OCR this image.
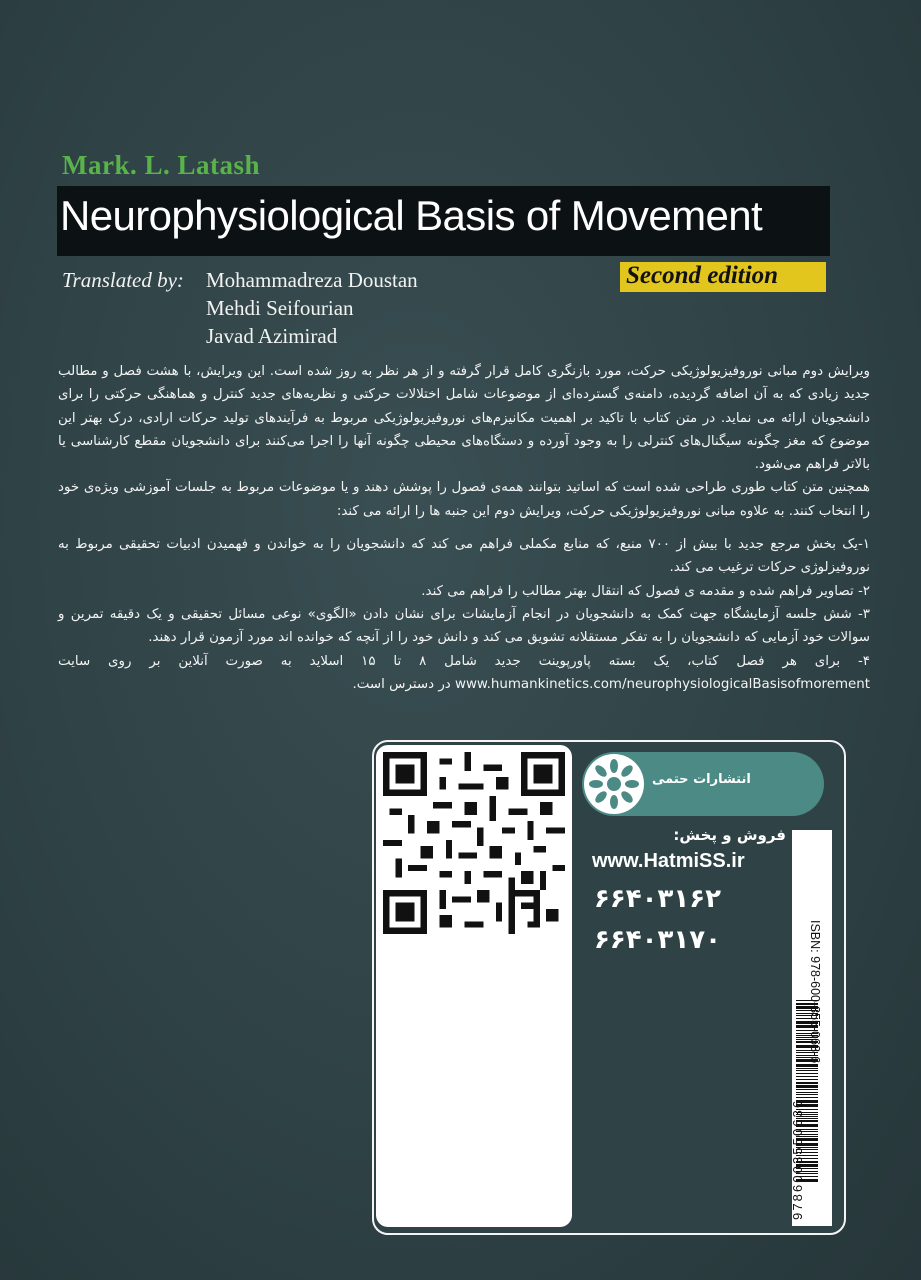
Mark. L. Latash
Neurophysiological Basis of Movement
Second edition
Translated by: Mohammadreza Doustan
Mehdi Seifourian
Javad Azimirad

ویرایش دوم مبانی نوروفیزیولوژیکی حرکت، مورد بازنگری کامل قرار گرفته و از هر نظر به روز شده است. این ویرایش، با هشت فصل و مطالب جدید زیادی که به آن اضافه گردیده، دامنه‌ی گسترده‌ای از موضوعات شامل اختلالات حرکتی و نظریه‌های جدید کنترل و هماهنگی حرکتی را برای دانشجویان ارائه می نماید. در متن کتاب با تاکید بر اهمیت مکانیزم‌های نوروفیزیولوژیکی مربوط به فرآیندهای تولید حرکات ارادی، درک بهتر این موضوع که مغز چگونه سیگنال‌های کنترلی را به وجود آورده و دستگاه‌های محیطی چگونه آنها را اجرا می‌کنند برای دانشجویان مقطع کارشناسی یا بالاتر فراهم می‌شود.

همچنین متن کتاب طوری طراحی شده است که اساتید بتوانند همه‌ی فصول را پوشش دهند و یا موضوعات مربوط به جلسات آموزشی ویژه‌ی خود را انتخاب کنند. به علاوه مبانی نوروفیزیولوژیکی حرکت، ویرایش دوم این جنبه ها را ارائه می کند:

۱-یک بخش مرجع جدید با بیش از ۷۰۰ منبع، که منابع مکملی فراهم می کند که دانشجویان را به خواندن و فهمیدن ادبیات تحقیقی مربوط به نوروفیزلوژی حرکات ترغیب می کند.

۲- تصاویر فراهم شده و مقدمه ی فصول که انتقال بهتر مطالب را فراهم می کند.

۳- شش جلسه آزمایشگاه جهت کمک به دانشجویان در انجام آزمایشات برای نشان دادن «الگوی» نوعی مسائل تحقیقی و یک دقیقه تمرین و سوالات خود آزمایی که دانشجویان را به تفکر مستقلانه تشویق می کند و دانش خود را از آنچه که خوانده اند مورد آزمون قرار دهند.

۴- برای هر فصل کتاب، یک بسته پاورپوینت جدید شامل ۸ تا ۱۵ اسلاید به صورت آنلاین بر روی سایت www.humankinetics.com/neurophysiologicalBasisofmorement در دسترس است.

انتشارات حتمی
فروش و پخش:
www.HatmiSS.ir
۶۶۴۰۳۱۶۲
۶۶۴۰۳۱۷۰	ISBN: 978-600-355-063-6
9786003550636
